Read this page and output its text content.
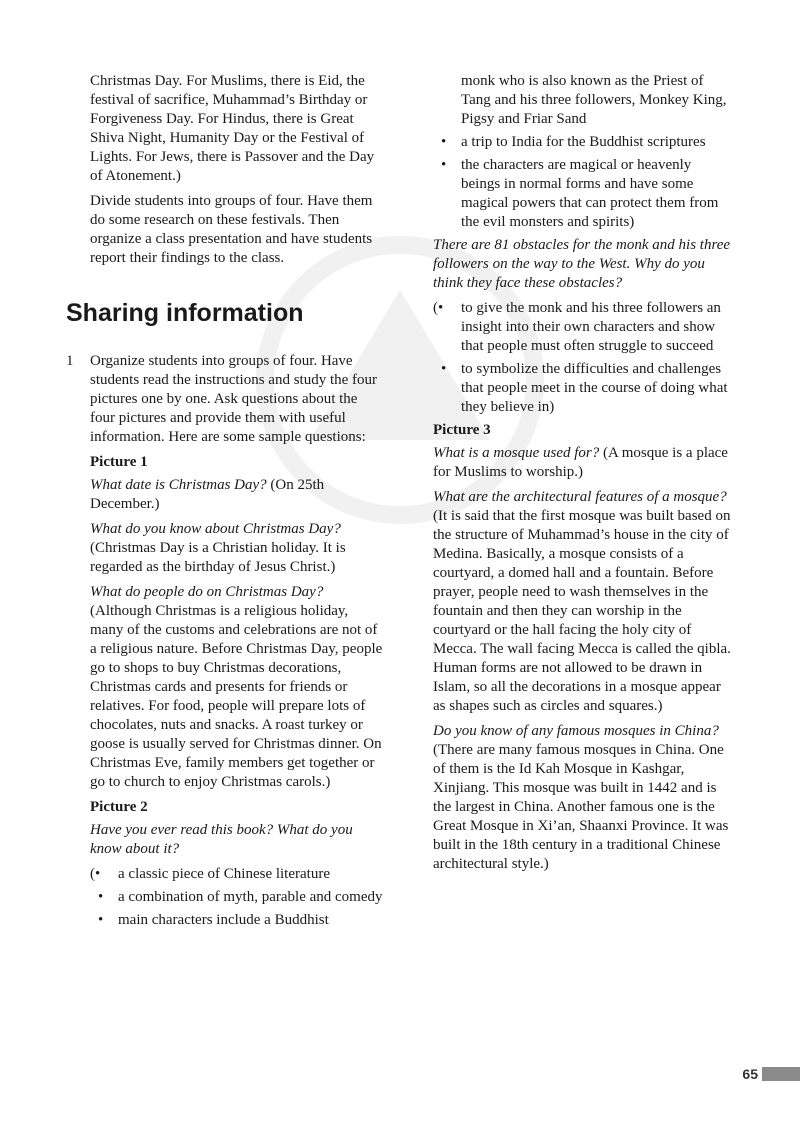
Christmas Day. For Muslims, there is Eid, the festival of sacrifice, Muhammad’s Birthday or Forgiveness Day. For Hindus, there is Great Shiva Night, Humanity Day or the Festival of Lights. For Jews, there is Passover and the Day of Atonement.)

Divide students into groups of four. Have them do some research on these festivals. Then organize a class presentation and have students report their findings to the class.

Sharing information
1 Organize students into groups of four. Have students read the instructions and study the four pictures one by one. Ask questions about the four pictures and provide them with useful information. Here are some sample questions:

Picture 1

What date is Christmas Day? (On 25th December.)

What do you know about Christmas Day? (Christmas Day is a Christian holiday. It is regarded as the birthday of Jesus Christ.)

What do people do on Christmas Day? (Although Christmas is a religious holiday, many of the customs and celebrations are not of a religious nature. Before Christmas Day, people go to shops to buy Christmas decorations, Christmas cards and presents for friends or relatives. For food, people will prepare lots of chocolates, nuts and snacks. A roast turkey or goose is usually served for Christmas dinner. On Christmas Eve, family members get together or go to church to enjoy Christmas carols.)

Picture 2

Have you ever read this book? What do you know about it?

(• a classic piece of Chinese literature
• a combination of myth, parable and comedy
• main characters include a Buddhist

monk who is also known as the Priest of Tang and his three followers, Monkey King, Pigsy and Friar Sand

• a trip to India for the Buddhist scriptures
• the characters are magical or heavenly beings in normal forms and have some magical powers that can protect them from the evil monsters and spirits)

There are 81 obstacles for the monk and his three followers on the way to the West. Why do you think they face these obstacles?

(• to give the monk and his three followers an insight into their own characters and show that people must often struggle to succeed
• to symbolize the difficulties and challenges that people meet in the course of doing what they believe in)

Picture 3

What is a mosque used for? (A mosque is a place for Muslims to worship.)

What are the architectural features of a mosque? (It is said that the first mosque was built based on the structure of Muhammad’s house in the city of Medina. Basically, a mosque consists of a courtyard, a domed hall and a fountain. Before prayer, people need to wash themselves in the fountain and then they can worship in the courtyard or the hall facing the holy city of Mecca. The wall facing Mecca is called the qibla. Human forms are not allowed to be drawn in Islam, so all the decorations in a mosque appear as shapes such as circles and squares.)

Do you know of any famous mosques in China? (There are many famous mosques in China. One of them is the Id Kah Mosque in Kashgar, Xinjiang. This mosque was built in 1442 and is the largest in China. Another famous one is the Great Mosque in Xi’an, Shaanxi Province. It was built in the 18th century in a traditional Chinese architectural style.)

65
